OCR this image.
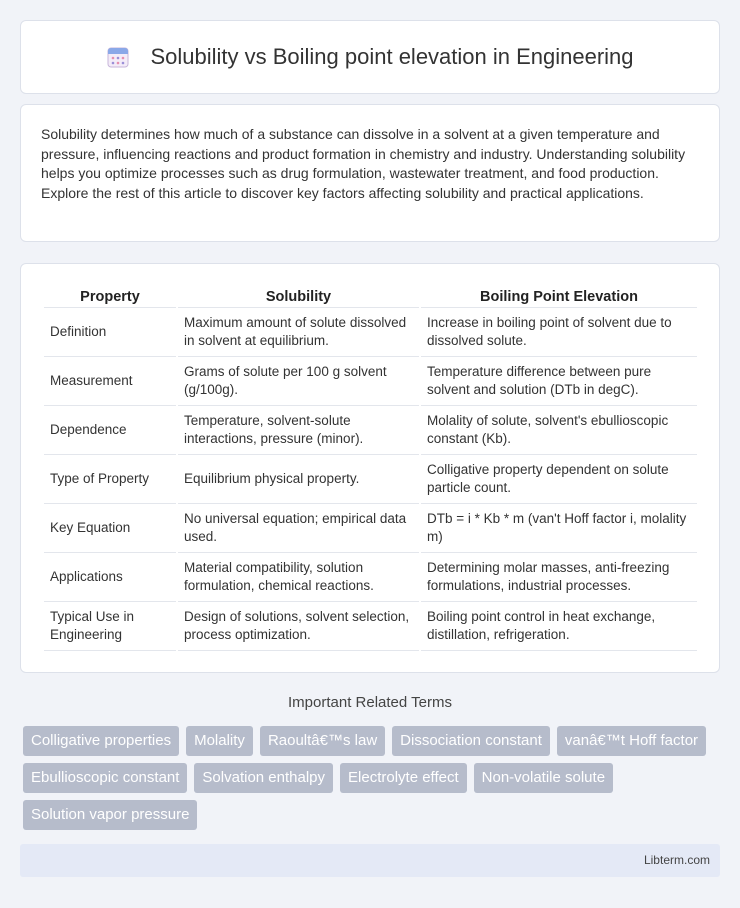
Solubility vs Boiling point elevation in Engineering

Solubility determines how much of a substance can dissolve in a solvent at a given temperature and pressure, influencing reactions and product formation in chemistry and industry. Understanding solubility helps you optimize processes such as drug formulation, wastewater treatment, and food production. Explore the rest of this article to discover key factors affecting solubility and practical applications.

Property	Solubility	Boiling Point Elevation
Definition	Maximum amount of solute dissolved in solvent at equilibrium.	Increase in boiling point of solvent due to dissolved solute.
Measurement	Grams of solute per 100 g solvent (g/100g).	Temperature difference between pure solvent and solution (DTb in degC).
Dependence	Temperature, solvent-solute interactions, pressure (minor).	Molality of solute, solvent's ebullioscopic constant (Kb).
Type of Property	Equilibrium physical property.	Colligative property dependent on solute particle count.
Key Equation	No universal equation; empirical data used.	DTb = i * Kb * m (van't Hoff factor i, molality m)
Applications	Material compatibility, solution formulation, chemical reactions.	Determining molar masses, anti-freezing formulations, industrial processes.
Typical Use in Engineering	Design of solutions, solvent selection, process optimization.	Boiling point control in heat exchange, distillation, refrigeration.
Important Related Terms
Colligative properties	Molality	Raoultâ€™s law	Dissociation constant	vanâ€™t Hoff factor
Ebullioscopic constant	Solvation enthalpy	Electrolyte effect	Non-volatile solute
Solution vapor pressure
Libterm.com
